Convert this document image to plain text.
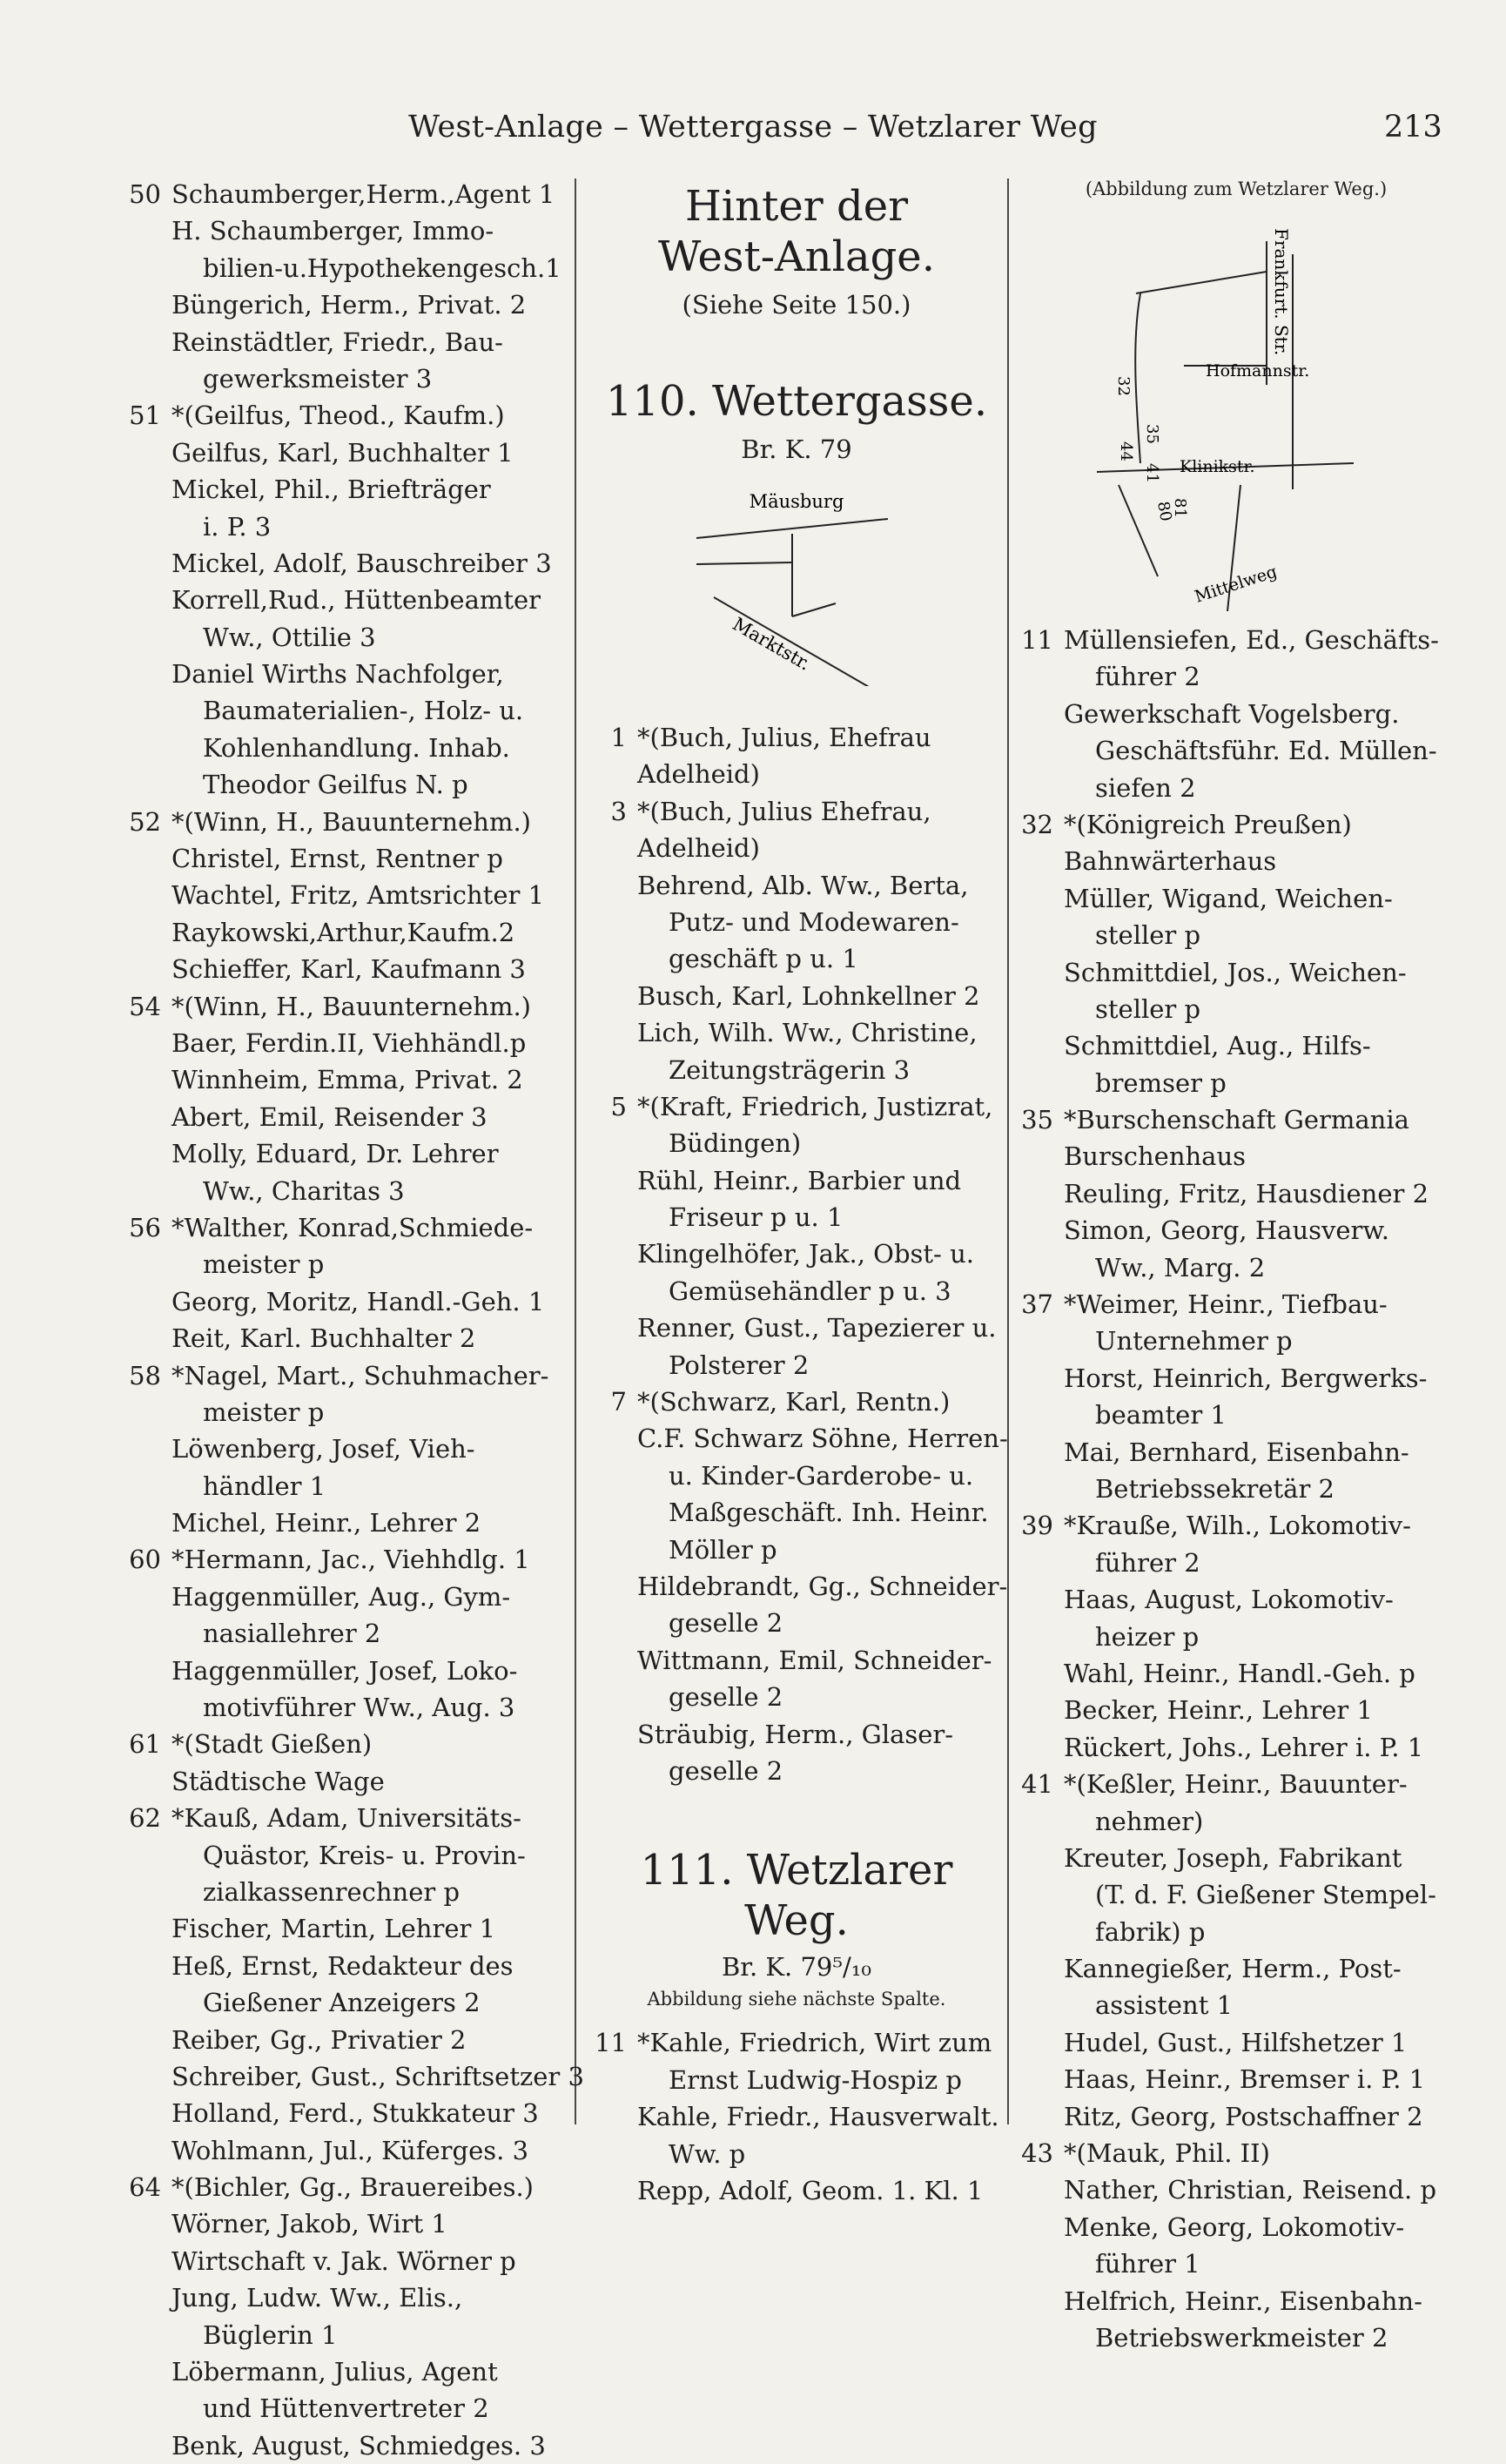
West-Anlage – Wettergasse – Wetzlarer Weg	213
50 Schaumberger,Herm.,Agent 1
H. Schaumberger, Immo-
bilien-u.Hypothekengesch.1
Büngerich, Herm., Privat. 2
Reinstädtler, Friedr., Bau-
gewerksmeister 3
51 *(Geilfus, Theod., Kaufm.)
Geilfus, Karl, Buchhalter 1
Mickel, Phil., Briefträger
i. P. 3
Mickel, Adolf, Bauschreiber 3
Korrell,Rud., Hüttenbeamter
Ww., Ottilie 3
Daniel Wirths Nachfolger,
Baumaterialien-, Holz- u.
Kohlenhandlung. Inhab.
Theodor Geilfus N. p
52 *(Winn, H., Bauunternehm.)
Christel, Ernst, Rentner p
Wachtel, Fritz, Amtsrichter 1
Raykowski,Arthur,Kaufm.2
Schieffer, Karl, Kaufmann 3
54 *(Winn, H., Bauunternehm.)
Baer, Ferdin.II, Viehhändl.p
Winnheim, Emma, Privat. 2
Abert, Emil, Reisender 3
Molly, Eduard, Dr. Lehrer
Ww., Charitas 3
56 *Walther, Konrad,Schmiede-
meister p
Georg, Moritz, Handl.-Geh. 1
Reit, Karl. Buchhalter 2
58 *Nagel, Mart., Schuhmacher-
meister p
Löwenberg, Josef, Vieh-
händler 1
Michel, Heinr., Lehrer 2
60 *Hermann, Jac., Viehhdlg. 1
Haggenmüller, Aug., Gym-
nasiallehrer 2
Haggenmüller, Josef, Loko-
motivführer Ww., Aug. 3
61 *(Stadt Gießen)
Städtische Wage
62 *Kauß, Adam, Universitäts-
Quästor, Kreis- u. Provin-
zialkassenrechner p
Fischer, Martin, Lehrer 1
Heß, Ernst, Redakteur des
Gießener Anzeigers 2
Reiber, Gg., Privatier 2
Schreiber, Gust., Schriftsetzer 3
Holland, Ferd., Stukkateur 3
Wohlmann, Jul., Küferges. 3
64 *(Bichler, Gg., Brauereibes.)
Wörner, Jakob, Wirt 1
Wirtschaft v. Jak. Wörner p
Jung, Ludw. Ww., Elis.,
Büglerin 1
Löbermann, Julius, Agent
und Hüttenvertreter 2
Benk, August, Schmiedges. 3
Hinter der
West-Anlage.
(Siehe Seite 150.)
110. Wettergasse.
Br. K. 79
Mäusburg
Marktstr.
1 *(Buch, Julius, Ehefrau
Adelheid)
3 *(Buch, Julius Ehefrau,
Adelheid)
Behrend, Alb. Ww., Berta,
Putz- und Modewaren-
geschäft p u. 1
Busch, Karl, Lohnkellner 2
Lich, Wilh. Ww., Christine,
Zeitungsträgerin 3
5 *(Kraft, Friedrich, Justizrat,
Büdingen)
Rühl, Heinr., Barbier und
Friseur p u. 1
Klingelhöfer, Jak., Obst- u.
Gemüsehändler p u. 3
Renner, Gust., Tapezierer u.
Polsterer 2
7 *(Schwarz, Karl, Rentn.)
C.F. Schwarz Söhne, Herren-
u. Kinder-Garderobe- u.
Maßgeschäft. Inh. Heinr.
Möller p
Hildebrandt, Gg., Schneider-
geselle 2
Wittmann, Emil, Schneider-
geselle 2
Sträubig, Herm., Glaser-
geselle 2
111. Wetzlarer Weg.
Br. K. 79⁵/₁₀
Abbildung siehe nächste Spalte.
11 *Kahle, Friedrich, Wirt zum
Ernst Ludwig-Hospiz p
Kahle, Friedr., Hausverwalt.
Ww. p
Repp, Adolf, Geom. 1. Kl. 1
(Abbildung zum Wetzlarer Weg.)
Frankfurt. Str.
Hofmannstr.
Klinikstr.
Mittelweg
32
35
44
41
80
81
11 Müllensiefen, Ed., Geschäfts-
führer 2
Gewerkschaft Vogelsberg.
Geschäftsführ. Ed. Müllen-
siefen 2
32 *(Königreich Preußen)
Bahnwärterhaus
Müller, Wigand, Weichen-
steller p
Schmittdiel, Jos., Weichen-
steller p
Schmittdiel, Aug., Hilfs-
bremser p
35 *Burschenschaft Germania
Burschenhaus
Reuling, Fritz, Hausdiener 2
Simon, Georg, Hausverw.
Ww., Marg. 2
37 *Weimer, Heinr., Tiefbau-
Unternehmer p
Horst, Heinrich, Bergwerks-
beamter 1
Mai, Bernhard, Eisenbahn-
Betriebssekretär 2
39 *Krauße, Wilh., Lokomotiv-
führer 2
Haas, August, Lokomotiv-
heizer p
Wahl, Heinr., Handl.-Geh. p
Becker, Heinr., Lehrer 1
Rückert, Johs., Lehrer i. P. 1
41 *(Keßler, Heinr., Bauunter-
nehmer)
Kreuter, Joseph, Fabrikant
(T. d. F. Gießener Stempel-
fabrik) p
Kannegießer, Herm., Post-
assistent 1
Hudel, Gust., Hilfshetzer 1
Haas, Heinr., Bremser i. P. 1
Ritz, Georg, Postschaffner 2
43 *(Mauk, Phil. II)
Nather, Christian, Reisend. p
Menke, Georg, Lokomotiv-
führer 1
Helfrich, Heinr., Eisenbahn-
Betriebswerkmeister 2
